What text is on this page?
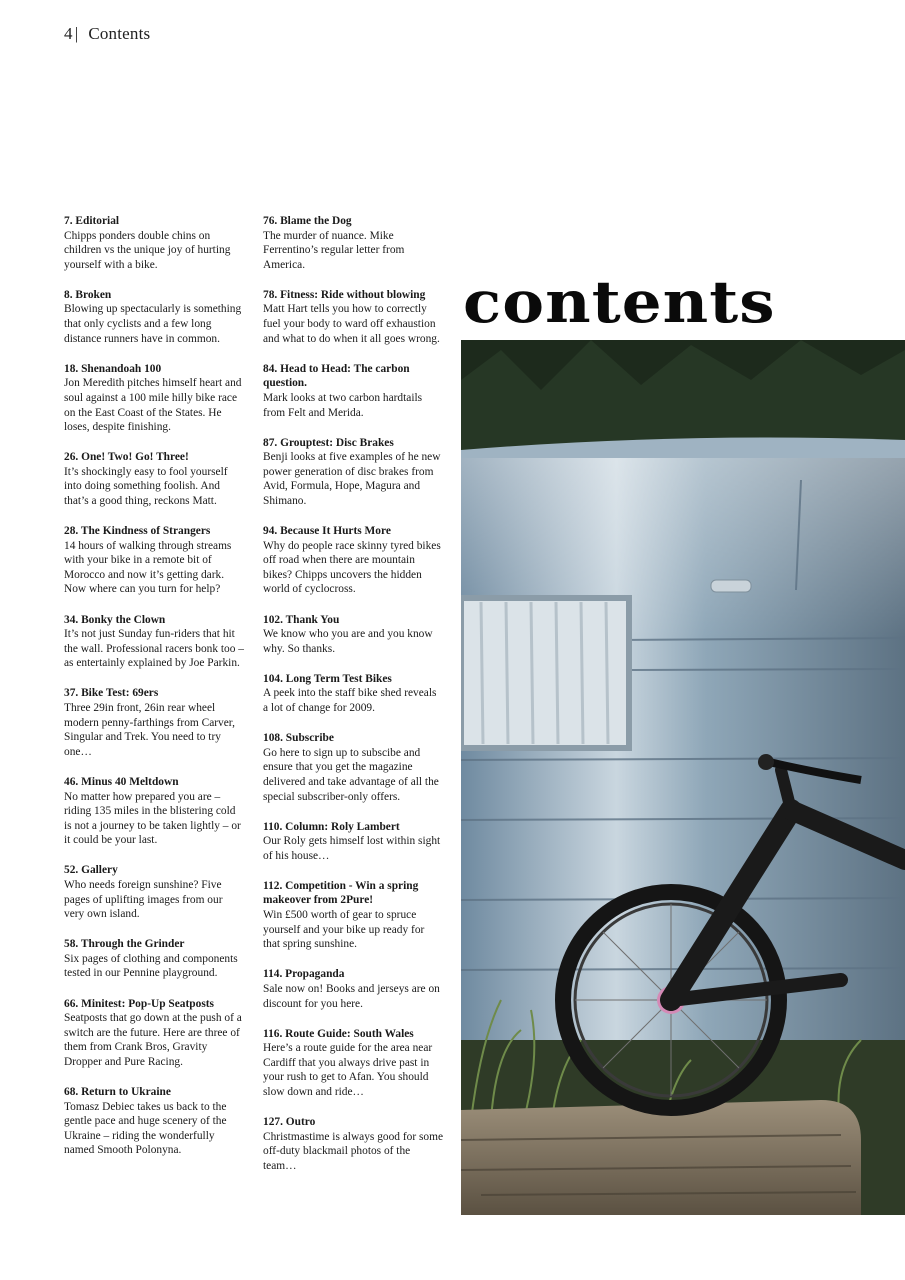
4 | Contents
7. Editorial
Chipps ponders double chins on children vs the unique joy of hurting yourself with a bike.
8. Broken
Blowing up spectacularly is something that only cyclists and a few long distance runners have in common.
18. Shenandoah 100
Jon Meredith pitches himself heart and soul against a 100 mile hilly bike race on the East Coast of the States. He loses, despite finishing.
26. One! Two! Go! Three!
It’s shockingly easy to fool yourself into doing something foolish. And that’s a good thing, reckons Matt.
28. The Kindness of Strangers
14 hours of walking through streams with your bike in a remote bit of Morocco and now it’s getting dark. Now where can you turn for help?
34. Bonky the Clown
It’s not just Sunday fun-riders that hit the wall. Professional racers bonk too – as entertainly explained by Joe Parkin.
37. Bike Test: 69ers
Three 29in front, 26in rear wheel modern penny-farthings from Carver, Singular and Trek. You need to try one…
46. Minus 40 Meltdown
No matter how prepared you are – riding 135 miles in the blistering cold is not a journey to be taken lightly – or it could be your last.
52. Gallery
Who needs foreign sunshine? Five pages of uplifting images from our very own island.
58. Through the Grinder
Six pages of clothing and components tested in our Pennine playground.
66. Minitest: Pop-Up Seatposts
Seatposts that go down at the push of a switch are the future. Here are three of them from Crank Bros, Gravity Dropper and Pure Racing.
68. Return to Ukraine
Tomasz Debiec takes us back to the gentle pace and huge scenery of the Ukraine – riding the wonderfully named Smooth Polonyna.
76. Blame the Dog
The murder of nuance. Mike Ferrentino’s regular letter from America.
78. Fitness: Ride without blowing
Matt Hart tells you how to correctly fuel your body to ward off exhaustion and what to do when it all goes wrong.
84. Head to Head: The carbon question.
Mark looks at two carbon hardtails from Felt and Merida.
87. Grouptest: Disc Brakes
Benji looks at five examples of he new power generation of disc brakes from Avid, Formula, Hope, Magura and Shimano.
94. Because It Hurts More
Why do people race skinny tyred bikes off road when there are mountain bikes? Chipps uncovers the hidden world of cyclocross.
102. Thank You
We know who you are and you know why. So thanks.
104. Long Term Test Bikes
A peek into the staff bike shed reveals a lot of change for 2009.
108. Subscribe
Go here to sign up to subscibe and ensure that you get the magazine delivered and take advantage of all the special subscriber-only offers.
110. Column: Roly Lambert
Our Roly gets himself lost within sight of his house…
112. Competition - Win a spring makeover from 2Pure!
Win £500 worth of gear to spruce yourself and your bike up ready for that spring sunshine.
114. Propaganda
Sale now on! Books and jerseys are on discount for you here.
116. Route Guide: South Wales
Here’s a route guide for the area near Cardiff that you always drive past in your rush to get to Afan. You should slow down and ride…
127. Outro
Christmastime is always good for some off-duty blackmail photos of the team…
contents
